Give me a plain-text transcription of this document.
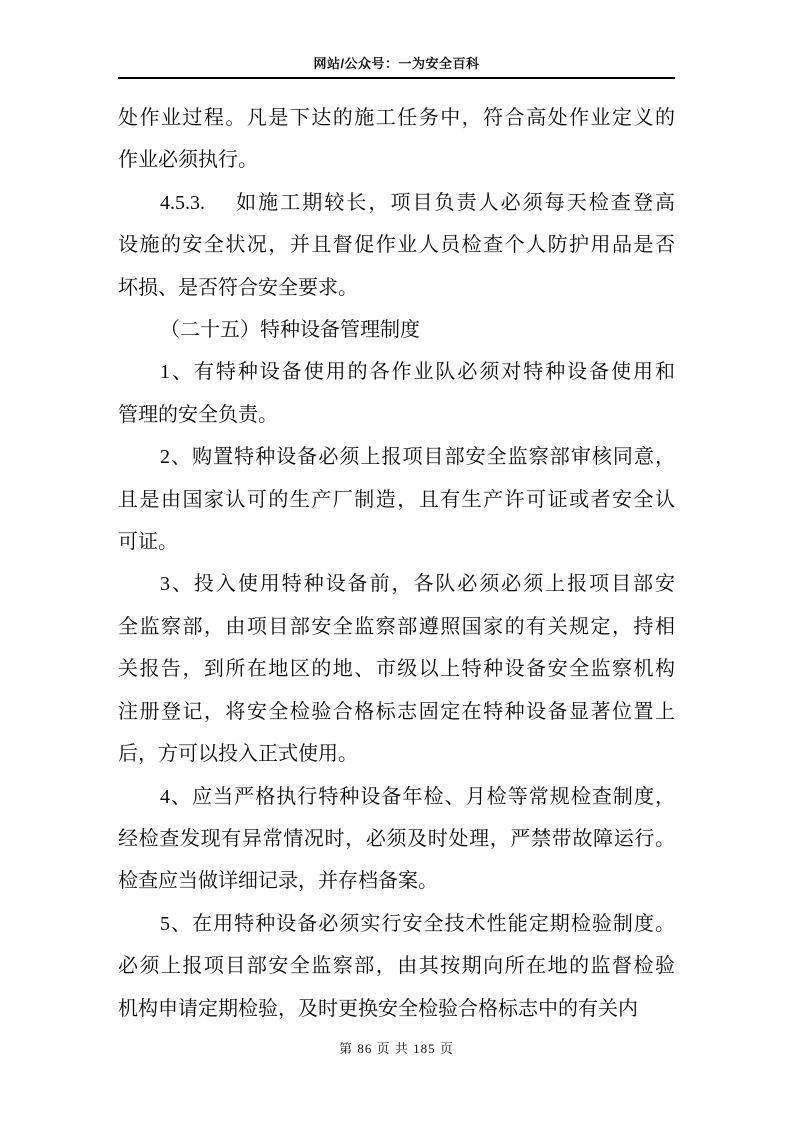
网站/公众号：一为安全百科

处作业过程。凡是下达的施工任务中，符合高处作业定义的
作业必须执行。

4.5.3.　 如施工期较长，项目负责人必须每天检查登高
设施的安全状况，并且督促作业人员检查个人防护用品是否
坏损、是否符合安全要求。

（二十五）特种设备管理制度

1、有特种设备使用的各作业队必须对特种设备使用和
管理的安全负责。

2、购置特种设备必须上报项目部安全监察部审核同意，
且是由国家认可的生产厂制造，且有生产许可证或者安全认
可证。

3、投入使用特种设备前，各队必须必须上报项目部安
全监察部，由项目部安全监察部遵照国家的有关规定，持相
关报告，到所在地区的地、市级以上特种设备安全监察机构
注册登记，将安全检验合格标志固定在特种设备显著位置上
后，方可以投入正式使用。

4、应当严格执行特种设备年检、月检等常规检查制度，
经检查发现有异常情况时，必须及时处理，严禁带故障运行。
检查应当做详细记录，并存档备案。

5、在用特种设备必须实行安全技术性能定期检验制度。
必须上报项目部安全监察部，由其按期向所在地的监督检验
机构申请定期检验，及时更换安全检验合格标志中的有关内

第 86 页 共 185 页
